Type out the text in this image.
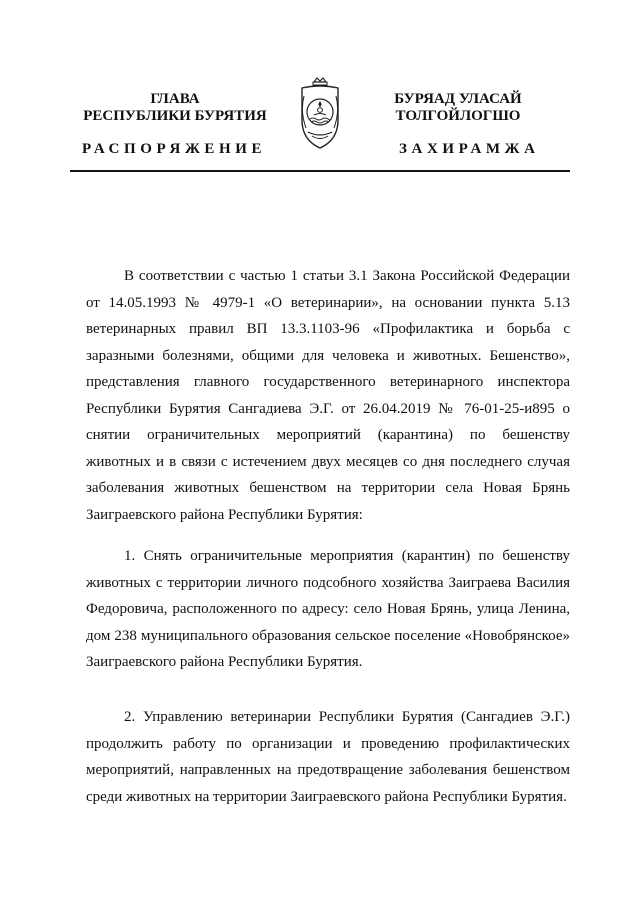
ГЛАВА
РЕСПУБЛИКИ БУРЯТИЯ
БУРЯАД УЛАСАЙ
ТОЛГОЙЛОГШО
РАСПОРЯЖЕНИЕ	ЗАХИРАМЖА

В соответствии с частью 1 статьи 3.1 Закона Российской Федерации от 14.05.1993 № 4979-1 «О ветеринарии», на основании пункта 5.13 ветеринарных правил ВП 13.3.1103-96 «Профилактика и борьба с заразными болезнями, общими для человека и животных. Бешенство», представления главного государственного ветеринарного инспектора Республики Бурятия Сангадиева Э.Г. от 26.04.2019 № 76-01-25-и895 о снятии ограничительных мероприятий (карантина) по бешенству животных и в связи с истечением двух месяцев со дня последнего случая заболевания животных бешенством на территории села Новая Брянь Заиграевского района Республики Бурятия:

1. Снять ограничительные мероприятия (карантин) по бешенству животных с территории личного подсобного хозяйства Заиграева Василия Федоровича, расположенного по адресу: село Новая Брянь, улица Ленина, дом 238 муниципального образования сельское поселение «Новобрянское» Заиграевского района Республики Бурятия.

2. Управлению ветеринарии Республики Бурятия (Сангадиев Э.Г.) продолжить работу по организации и проведению профилактических мероприятий, направленных на предотвращение заболевания бешенством среди животных на территории Заиграевского района Республики Бурятия.
